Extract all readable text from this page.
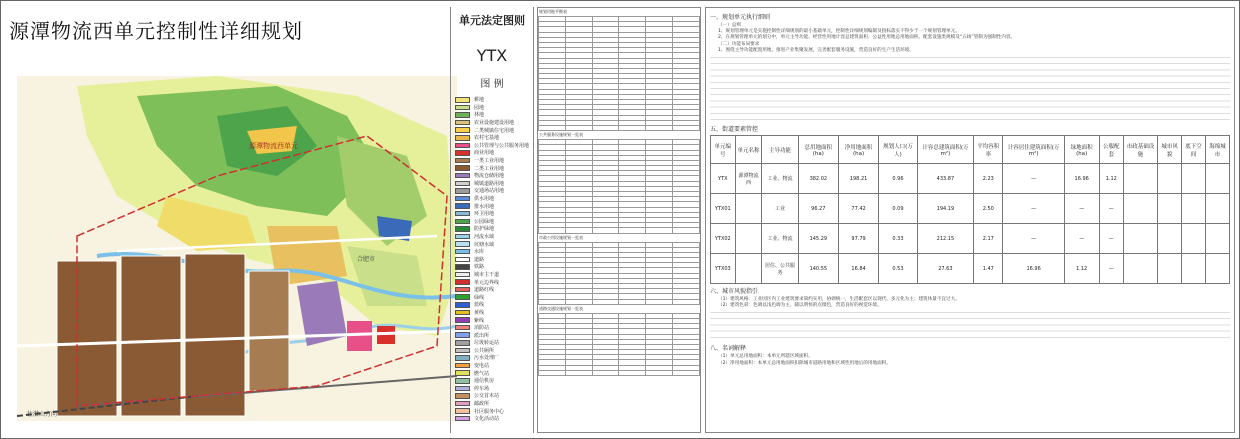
源潭物流西单元控制性详细规划
源潭物流西单元
合肥市
往潜山方向
单元法定图则
YTX
图 例
耕地
园地
林地
农业设施建设用地
二类城镇住宅用地
农村宅基地
公共管理与公共服务用地
商业用地
一类工业用地
二类工业用地
物流仓储用地
城镇道路用地
交通场站用地
供水用地
排水用地
环卫用地
公园绿地
防护绿地
河流水域
坑塘水域
水库
道路
铁路
城市主干道
单元边界线
道路红线
绿线
蓝线
黄线
紫线
消防站
派出所
垃圾转运站
公共厕所
污水处理厂
变电站
燃气站
通信机房
停车场
公交首末站
邮政所
社区服务中心
文化活动站
规划用地平衡表

公共服务设施规划一览表

市政公用设施规划一览表

道路交通设施规划一览表

一、规划单元执行细则
（一）总则
1、规划管理单元是实施控制性详细规划的最小基础单元，控制性详细规划编制及指标落实不得少于一个规划管理单元。
2、在规划管理单元的划分中，单元主导功能、经营性用地计容总建筑面积、公益性用地总用地面积、配套设施类规模及“五线”管制为强制性内容。
（二）功能布局要求
1、围绕主导功能配置用地，推进产业集聚发展，完善配套服务设施，营造良好的生产生活环境。
五、街道要素管控
单元编号	单元名称	主导功能	总用地面积(ha)	净用地面积(ha)	规划人口(万人)	计容总建筑面积(万m²)	平均容积率	计容居住建筑面积(万m²)	绿地面积(ha)	公服配套	市政基础设施	城市风貌	底下空间	海绵城市
YTX	源潭物流西	工业、物流	382.02	198.21	0.96	433.87	2.23	—	16.96	1.12				
YTX01		工业	96.27	77.42	0.09	194.19	2.50	—	—	—				
YTX02		工业、物流	145.29	97.79	0.33	212.15	2.17	—	—	—				
YTX03		居住、公共服务	140.55	16.84	0.53	27.63	1.47	16.96	1.12	—				
六、城市风貌指引
（1）建筑风格：工业园区内工业建筑要求简约实用，协调统一，生活配套区以现代、多元化为主；建筑体量不宜过大。
（2）建筑色彩：色调以浅色调为主，辅以明快的点缀色，营造良好的视觉环境。
八、名词解释
（1）单元总用地面积：本单元所辖区域面积。
（2）净用地面积：本单元总用地面积扣除城市道路用地和区域性用地后的用地面积。
